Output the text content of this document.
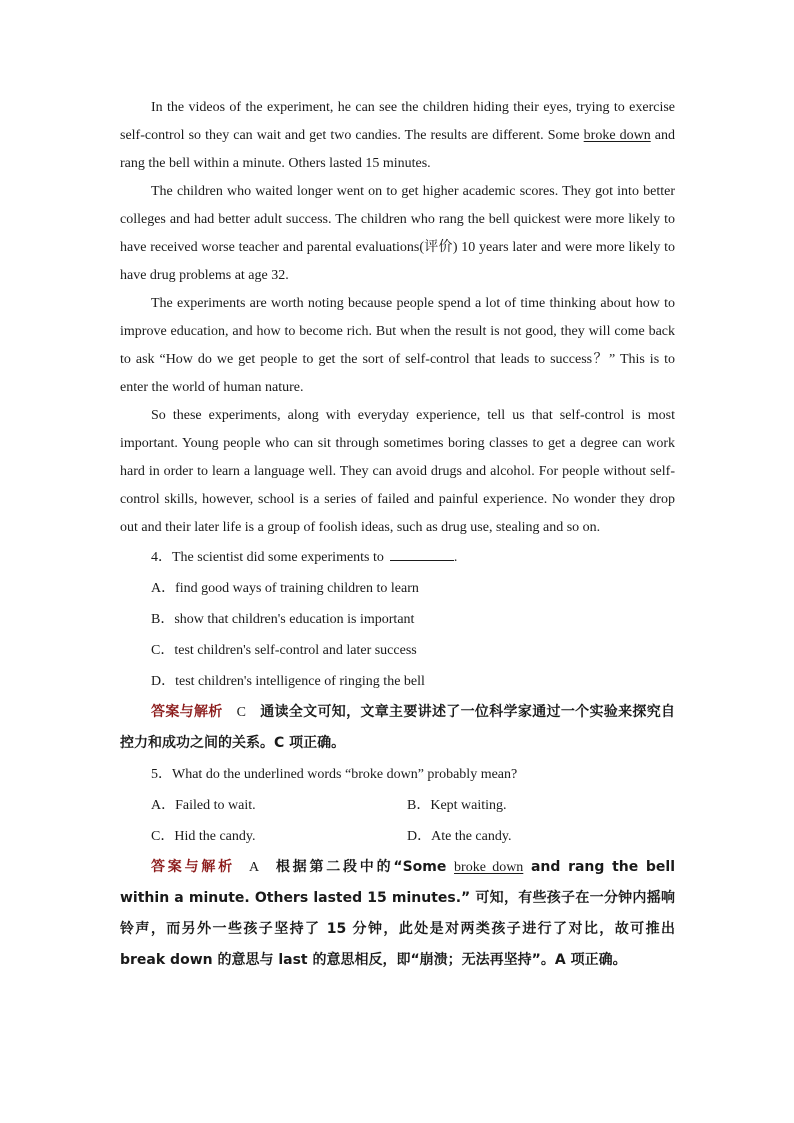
In the videos of the experiment, he can see the children hiding their eyes, trying to exercise self-control so they can wait and get two candies. The results are different. Some broke down and rang the bell within a minute. Others lasted 15 minutes.

The children who waited longer went on to get higher academic scores. They got into better colleges and had better adult success. The children who rang the bell quickest were more likely to have received worse teacher and parental evaluations(评价) 10 years later and were more likely to have drug problems at age 32.

The experiments are worth noting because people spend a lot of time thinking about how to improve education, and how to become rich. But when the result is not good, they will come back to ask “How do we get people to get the sort of self-control that leads to success？” This is to enter the world of human nature.

So these experiments, along with everyday experience, tell us that self-control is most important. Young people who can sit through sometimes boring classes to get a degree can work hard in order to learn a language well. They can avoid drugs and alcohol. For people without self-control skills, however, school is a series of failed and painful experience. No wonder they drop out and their later life is a group of foolish ideas, such as drug use, stealing and so on.

4．The scientist did some experiments to	.

A．find good ways of training children to learn

B．show that children's education is important

C．test children's self-control and later success

D．test children's intelligence of ringing the bell

答案与解析 C 通读全文可知，文章主要讲述了一位科学家通过一个实验来探究自控力和成功之间的关系。C 项正确。

5．What do the underlined words “broke down” probably mean?

A．Failed to wait.	B．Kept waiting.

C．Hid the candy.	D．Ate the candy.

答案与解析 A 根据第二段中的“Some broke down and rang the bell within a minute. Others lasted 15 minutes.” 可知，有些孩子在一分钟内摇响铃声，而另外一些孩子坚持了 15 分钟，此处是对两类孩子进行了对比，故可推出 break down 的意思与 last 的意思相反，即“崩溃；无法再坚持”。A 项正确。
